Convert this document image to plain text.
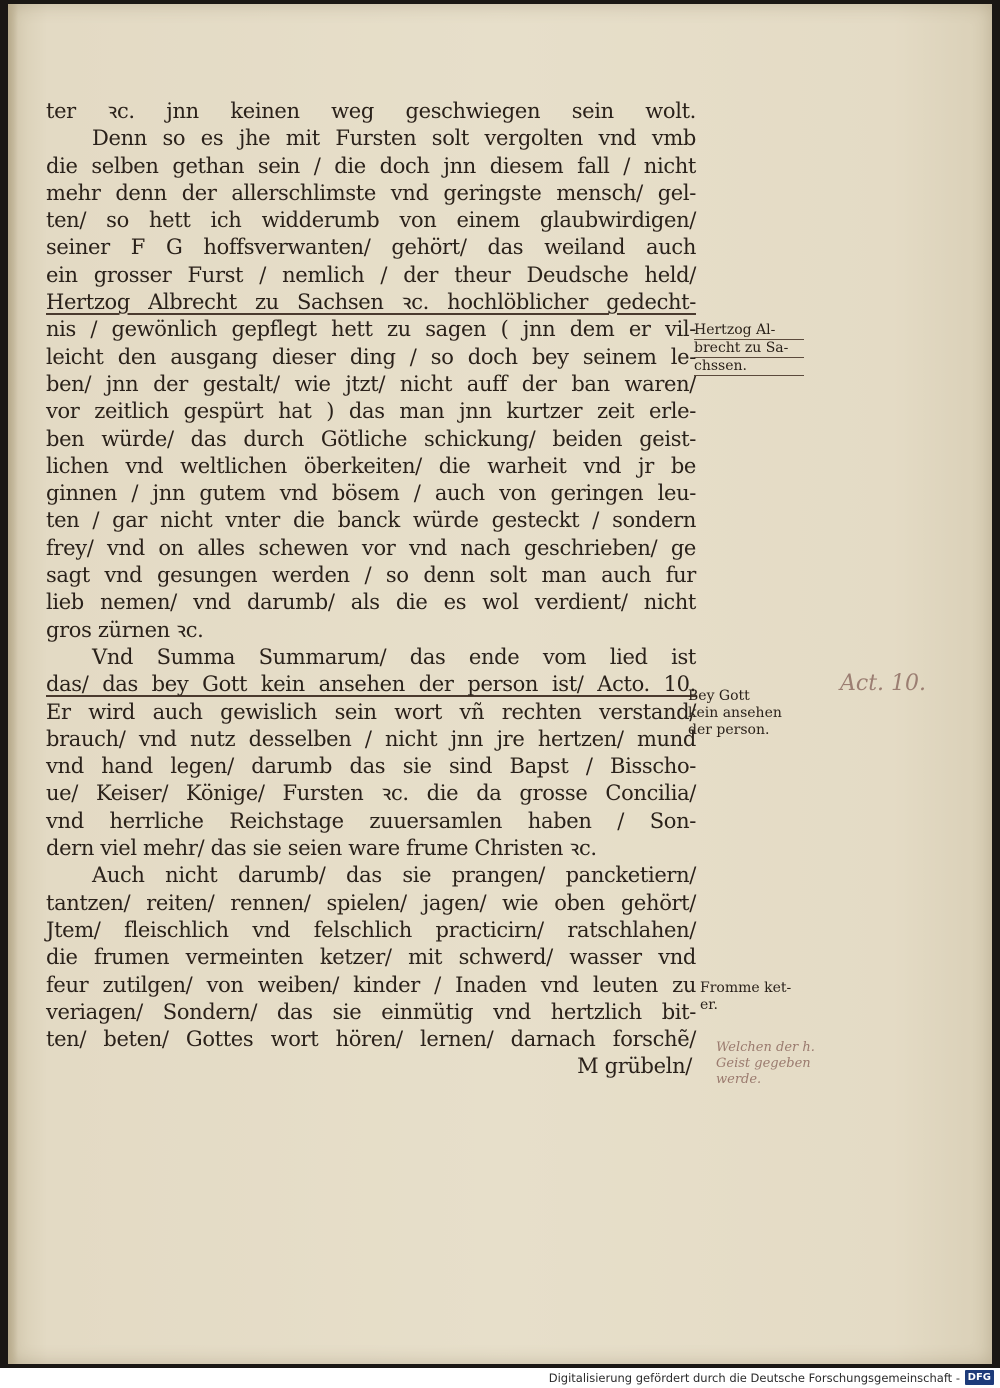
ter ꝛc. jnn keinen weg geschwiegen sein wolt.
Denn so es jhe mit Fursten solt vergolten vnd vmb
die selben gethan sein / die doch jnn diesem fall / nicht
mehr denn der allerschlimste vnd geringste mensch/ gel-
ten/ so hett ich widderumb von einem glaubwirdigen/
seiner F G hoffsverwanten/ gehört/ das weiland auch
ein grosser Furst / nemlich / der theur Deudsche held/
Hertzog Albrecht zu Sachsen ꝛc. hochlöblicher gedecht-
nis / gewönlich gepflegt hett zu sagen ( jnn dem er vil-
leicht den ausgang dieser ding / so doch bey seinem le-
ben/ jnn der gestalt/ wie jtzt/ nicht auff der ban waren/
vor zeitlich gespürt hat ) das man jnn kurtzer zeit erle-
ben würde/ das durch Götliche schickung/ beiden geist-
lichen vnd weltlichen öberkeiten/ die warheit vnd jr be
ginnen / jnn gutem vnd bösem / auch von geringen leu-
ten / gar nicht vnter die banck würde gesteckt / sondern
frey/ vnd on alles schewen vor vnd nach geschrieben/ ge
sagt vnd gesungen werden / so denn solt man auch fur
lieb nemen/ vnd darumb/ als die es wol verdient/ nicht
gros zürnen ꝛc.
Vnd Summa Summarum/ das ende vom lied ist
das/ das bey Gott kein ansehen der person ist/ Acto. 10.
Er wird auch gewislich sein wort vñ rechten verstand/
brauch/ vnd nutz desselben / nicht jnn jre hertzen/ mund
vnd hand legen/ darumb das sie sind Bapst / Bisscho-
ue/ Keiser/ Könige/ Fursten ꝛc. die da grosse Concilia/
vnd herrliche Reichstage zuuersamlen haben / Son-
dern viel mehr/ das sie seien ware frume Christen ꝛc.
Auch nicht darumb/ das sie prangen/ pancketiern/
tantzen/ reiten/ rennen/ spielen/ jagen/ wie oben gehört/
Jtem/ fleischlich vnd felschlich practicirn/ ratschlahen/
die frumen vermeinten ketzer/ mit schwerd/ wasser vnd
feur zutilgen/ von weiben/ kinder / Inaden vnd leuten zu
veriagen/ Sondern/ das sie einmütig vnd hertzlich bit-
ten/ beten/ Gottes wort hören/ lernen/ darnach forschẽ/
M grübeln/
Hertzog Al-
brecht zu Sa-
chssen.
Bey Gott
kein ansehen
der person.
Fromme ket-
er.
Act. 10.
Welchen der h.
Geist gegeben
werde.
Digitalisierung gefördert durch die Deutsche Forschungsgemeinschaft - DFG
